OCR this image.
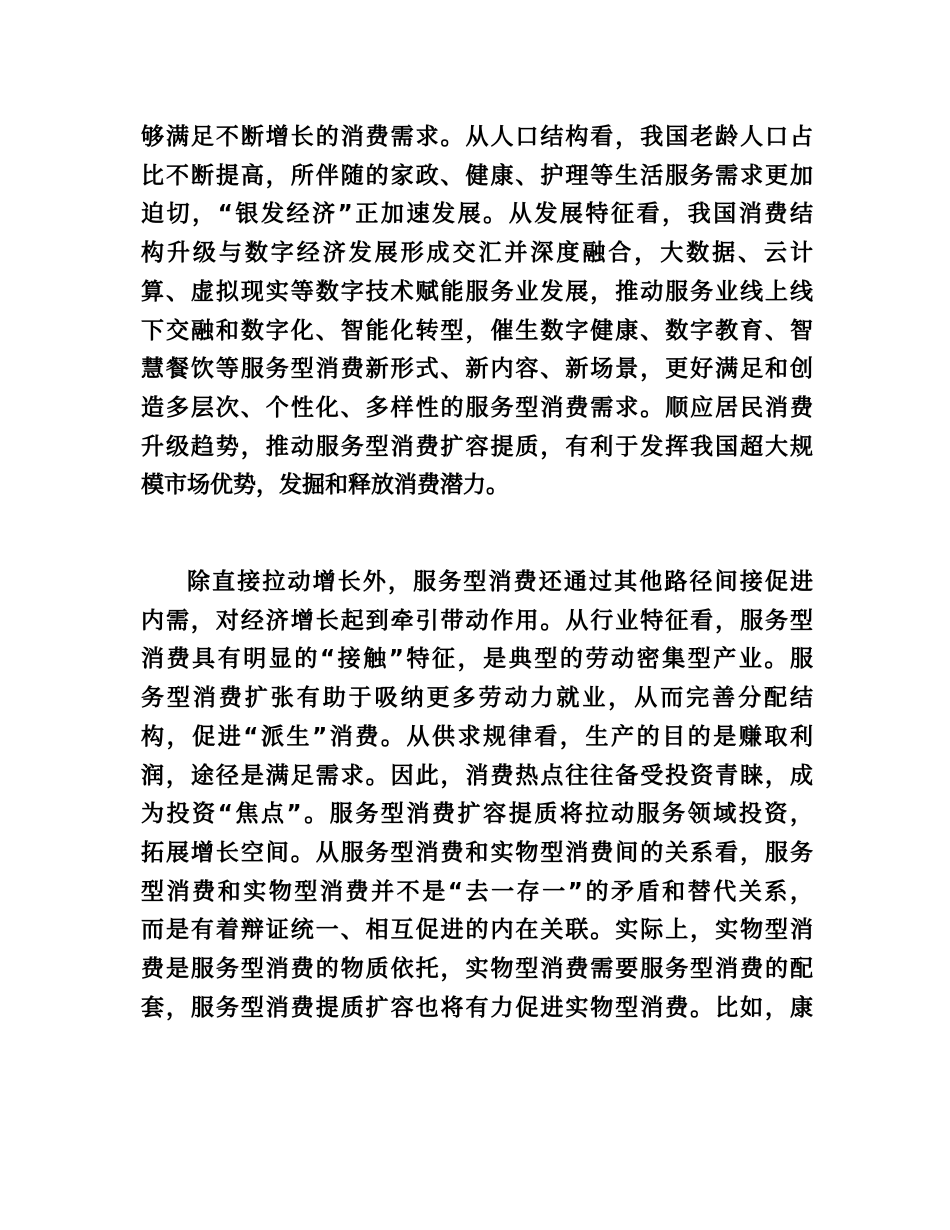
够满足不断增长的消费需求。从人口结构看，我国老龄人口占
比不断提高，所伴随的家政、健康、护理等生活服务需求更加
迫切，“银发经济”正加速发展。从发展特征看，我国消费结
构升级与数字经济发展形成交汇并深度融合，大数据、云计
算、虚拟现实等数字技术赋能服务业发展，推动服务业线上线
下交融和数字化、智能化转型，催生数字健康、数字教育、智
慧餐饮等服务型消费新形式、新内容、新场景，更好满足和创
造多层次、个性化、多样性的服务型消费需求。顺应居民消费
升级趋势，推动服务型消费扩容提质，有利于发挥我国超大规
模市场优势，发掘和释放消费潜力。
除直接拉动增长外，服务型消费还通过其他路径间接促进
内需，对经济增长起到牵引带动作用。从行业特征看，服务型
消费具有明显的“接触”特征，是典型的劳动密集型产业。服
务型消费扩张有助于吸纳更多劳动力就业，从而完善分配结
构，促进“派生”消费。从供求规律看，生产的目的是赚取利
润，途径是满足需求。因此，消费热点往往备受投资青睐，成
为投资“焦点”。服务型消费扩容提质将拉动服务领域投资，
拓展增长空间。从服务型消费和实物型消费间的关系看，服务
型消费和实物型消费并不是“去一存一”的矛盾和替代关系，
而是有着辩证统一、相互促进的内在关联。实际上，实物型消
费是服务型消费的物质依托，实物型消费需要服务型消费的配
套，服务型消费提质扩容也将有力促进实物型消费。比如，康
